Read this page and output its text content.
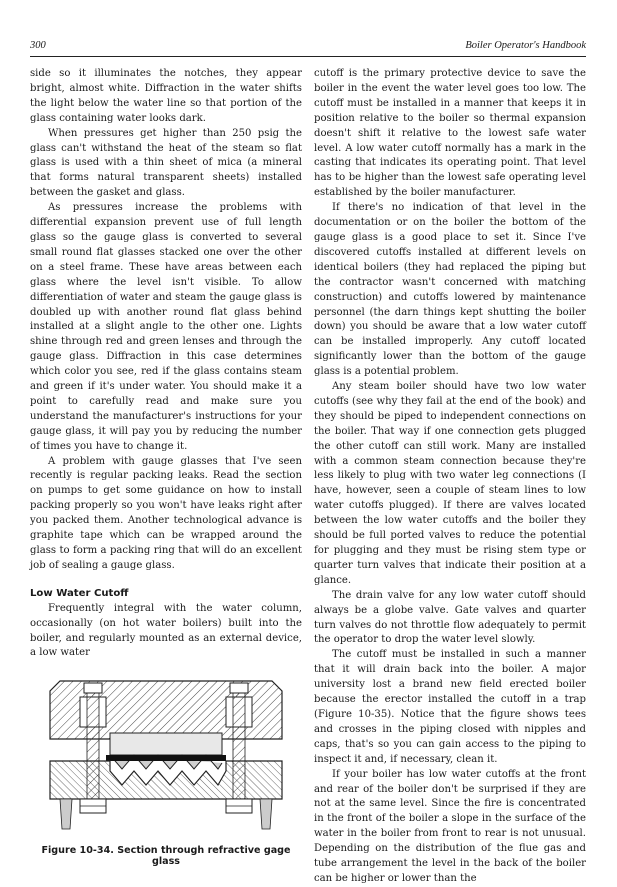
300	Boiler Operator's Handbook

side so it illuminates the notches, they appear bright, almost white. Diffraction in the water shifts the light below the water line so that portion of the glass containing water looks dark.

When pressures get higher than 250 psig the glass can't withstand the heat of the steam so flat glass is used with a thin sheet of mica (a mineral that forms natural transparent sheets) installed between the gasket and glass.

As pressures increase the problems with differential expansion prevent use of full length glass so the gauge glass is converted to several small round flat glasses stacked one over the other on a steel frame. These have areas between each glass where the level isn't visible. To allow differentiation of water and steam the gauge glass is doubled up with another round flat glass behind installed at a slight angle to the other one. Lights shine through red and green lenses and through the gauge glass. Diffraction in this case determines which color you see, red if the glass contains steam and green if it's under water. You should make it a point to carefully read and make sure you understand the manufacturer's instructions for your gauge glass, it will pay you by reducing the number of times you have to change it.

A problem with gauge glasses that I've seen recently is regular packing leaks. Read the section on pumps to get some guidance on how to install packing properly so you won't have leaks right after you packed them. Another technological advance is graphite tape which can be wrapped around the glass to form a packing ring that will do an excellent job of sealing a gauge glass.

Low Water Cutoff

Frequently integral with the water column, occasionally (on hot water boilers) built into the boiler, and regularly mounted as an external device, a low water

Figure 10-34. Section through refractive gage glass

cutoff is the primary protective device to save the boiler in the event the water level goes too low. The cutoff must be installed in a manner that keeps it in position relative to the boiler so thermal expansion doesn't shift it relative to the lowest safe water level. A low water cutoff normally has a mark in the casting that indicates its operating point. That level has to be higher than the lowest safe operating level established by the boiler manufacturer.

If there's no indication of that level in the documentation or on the boiler the bottom of the gauge glass is a good place to set it. Since I've discovered cutoffs installed at different levels on identical boilers (they had replaced the piping but the contractor wasn't concerned with matching construction) and cutoffs lowered by maintenance personnel (the darn things kept shutting the boiler down) you should be aware that a low water cutoff can be installed improperly. Any cutoff located significantly lower than the bottom of the gauge glass is a potential problem.

Any steam boiler should have two low water cutoffs (see why they fail at the end of the book) and they should be piped to independent connections on the boiler. That way if one connection gets plugged the other cutoff can still work. Many are installed with a common steam connection because they're less likely to plug with two water leg connections (I have, however, seen a couple of steam lines to low water cutoffs plugged). If there are valves located between the low water cutoffs and the boiler they should be full ported valves to reduce the potential for plugging and they must be rising stem type or quarter turn valves that indicate their position at a glance.

The drain valve for any low water cutoff should always be a globe valve. Gate valves and quarter turn valves do not throttle flow adequately to permit the operator to drop the water level slowly.

The cutoff must be installed in such a manner that it will drain back into the boiler. A major university lost a brand new field erected boiler because the erector installed the cutoff in a trap (Figure 10-35). Notice that the figure shows tees and crosses in the piping closed with nipples and caps, that's so you can gain access to the piping to inspect it and, if necessary, clean it.

If your boiler has low water cutoffs at the front and rear of the boiler don't be surprised if they are not at the same level. Since the fire is concentrated in the front of the boiler a slope in the surface of the water in the boiler from front to rear is not unusual. Depending on the distribution of the flue gas and tube arrangement the level in the back of the boiler can be higher or lower than the
